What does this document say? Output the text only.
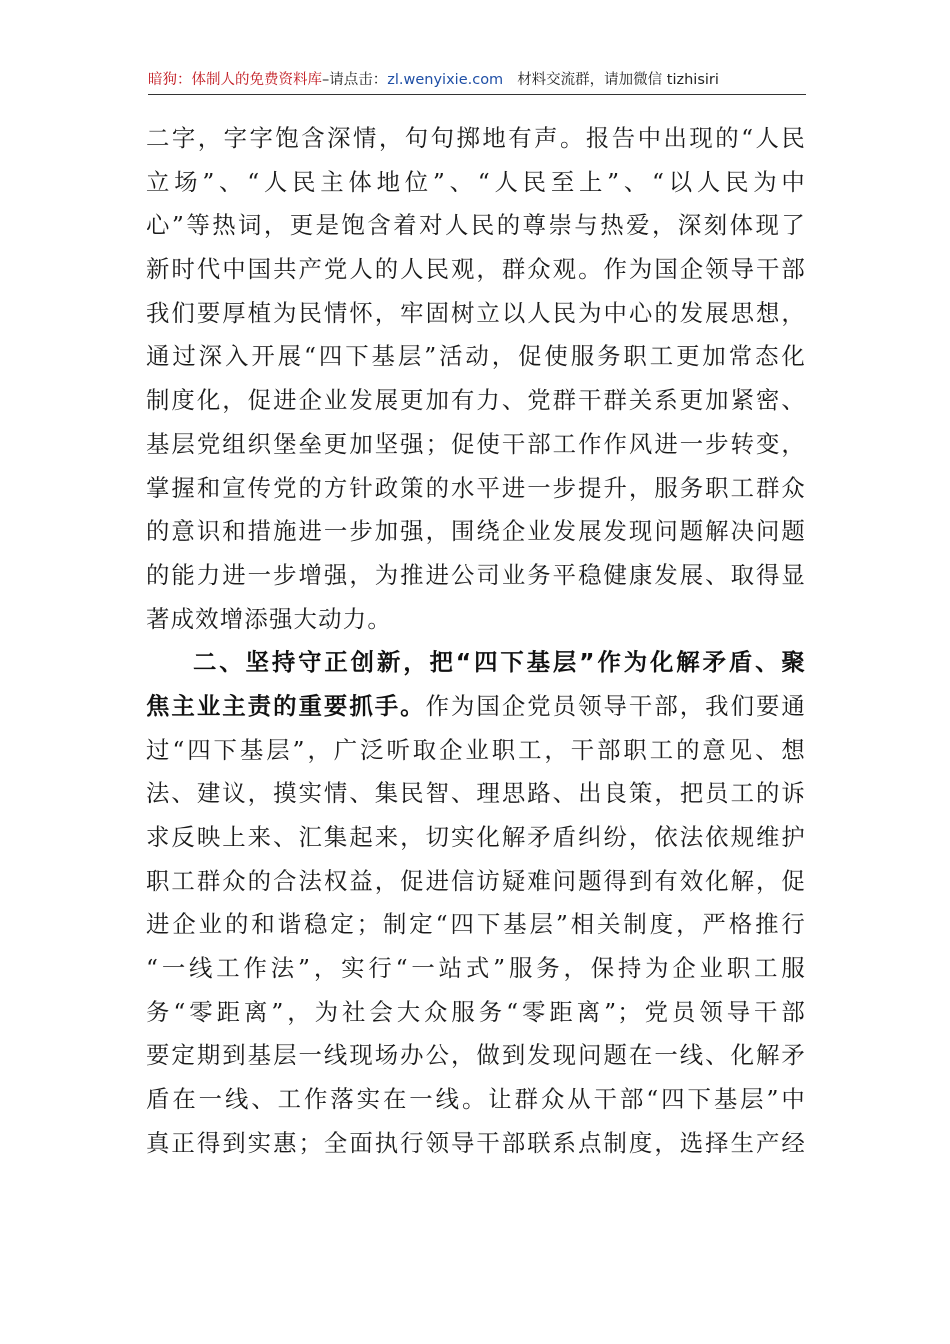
暗狗：体制人的免费资料库–请点击：zl.wenyixie.com 材料交流群，请加微信 tizhisiri
二字，字字饱含深情，句句掷地有声。报告中出现的“人民
立场”、“人民主体地位”、“人民至上”、“以人民为中
心”等热词，更是饱含着对人民的尊崇与热爱，深刻体现了
新时代中国共产党人的人民观，群众观。作为国企领导干部
我们要厚植为民情怀，牢固树立以人民为中心的发展思想，
通过深入开展“四下基层”活动，促使服务职工更加常态化
制度化，促进企业发展更加有力、党群干群关系更加紧密、
基层党组织堡垒更加坚强；促使干部工作作风进一步转变，
掌握和宣传党的方针政策的水平进一步提升，服务职工群众
的意识和措施进一步加强，围绕企业发展发现问题解决问题
的能力进一步增强，为推进公司业务平稳健康发展、取得显
著成效增添强大动力。
二、坚持守正创新，把“四下基层”作为化解矛盾、聚
焦主业主责的重要抓手。作为国企党员领导干部，我们要通
过“四下基层”，广泛听取企业职工，干部职工的意见、想
法、建议，摸实情、集民智、理思路、出良策，把员工的诉
求反映上来、汇集起来，切实化解矛盾纠纷，依法依规维护
职工群众的合法权益，促进信访疑难问题得到有效化解，促
进企业的和谐稳定；制定“四下基层”相关制度，严格推行
“一线工作法”，实行“一站式”服务，保持为企业职工服
务“零距离”，为社会大众服务“零距离”；党员领导干部
要定期到基层一线现场办公，做到发现问题在一线、化解矛
盾在一线、工作落实在一线。让群众从干部“四下基层”中
真正得到实惠；全面执行领导干部联系点制度，选择生产经
